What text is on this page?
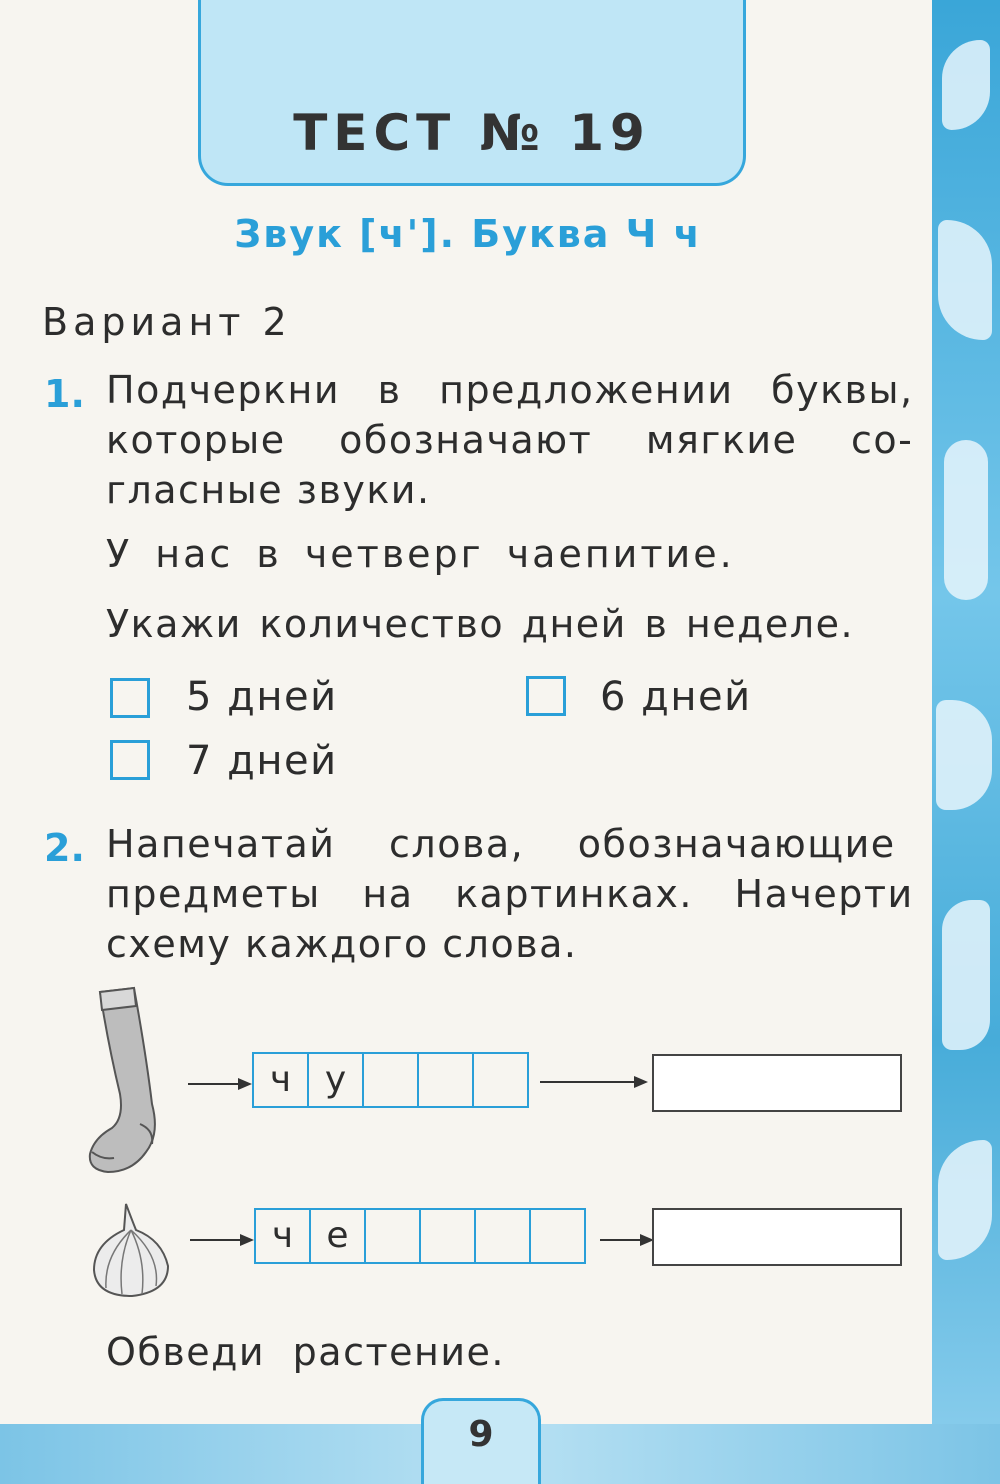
ТЕСТ № 19
Звук [ч']. Буква Ч ч
Вариант 2
1. Подчеркни в предложении буквы,
которые обозначают мягкие со-
гласные звуки.
У нас в четверг чаепитие.
Укажи количество дней в неделе.
5 дней	6 дней
7 дней
2. Напечатай слова, обозначающие
предметы на картинках. Начерти
схему каждого слова.
ч у
ч е
Обведи растение.
9
